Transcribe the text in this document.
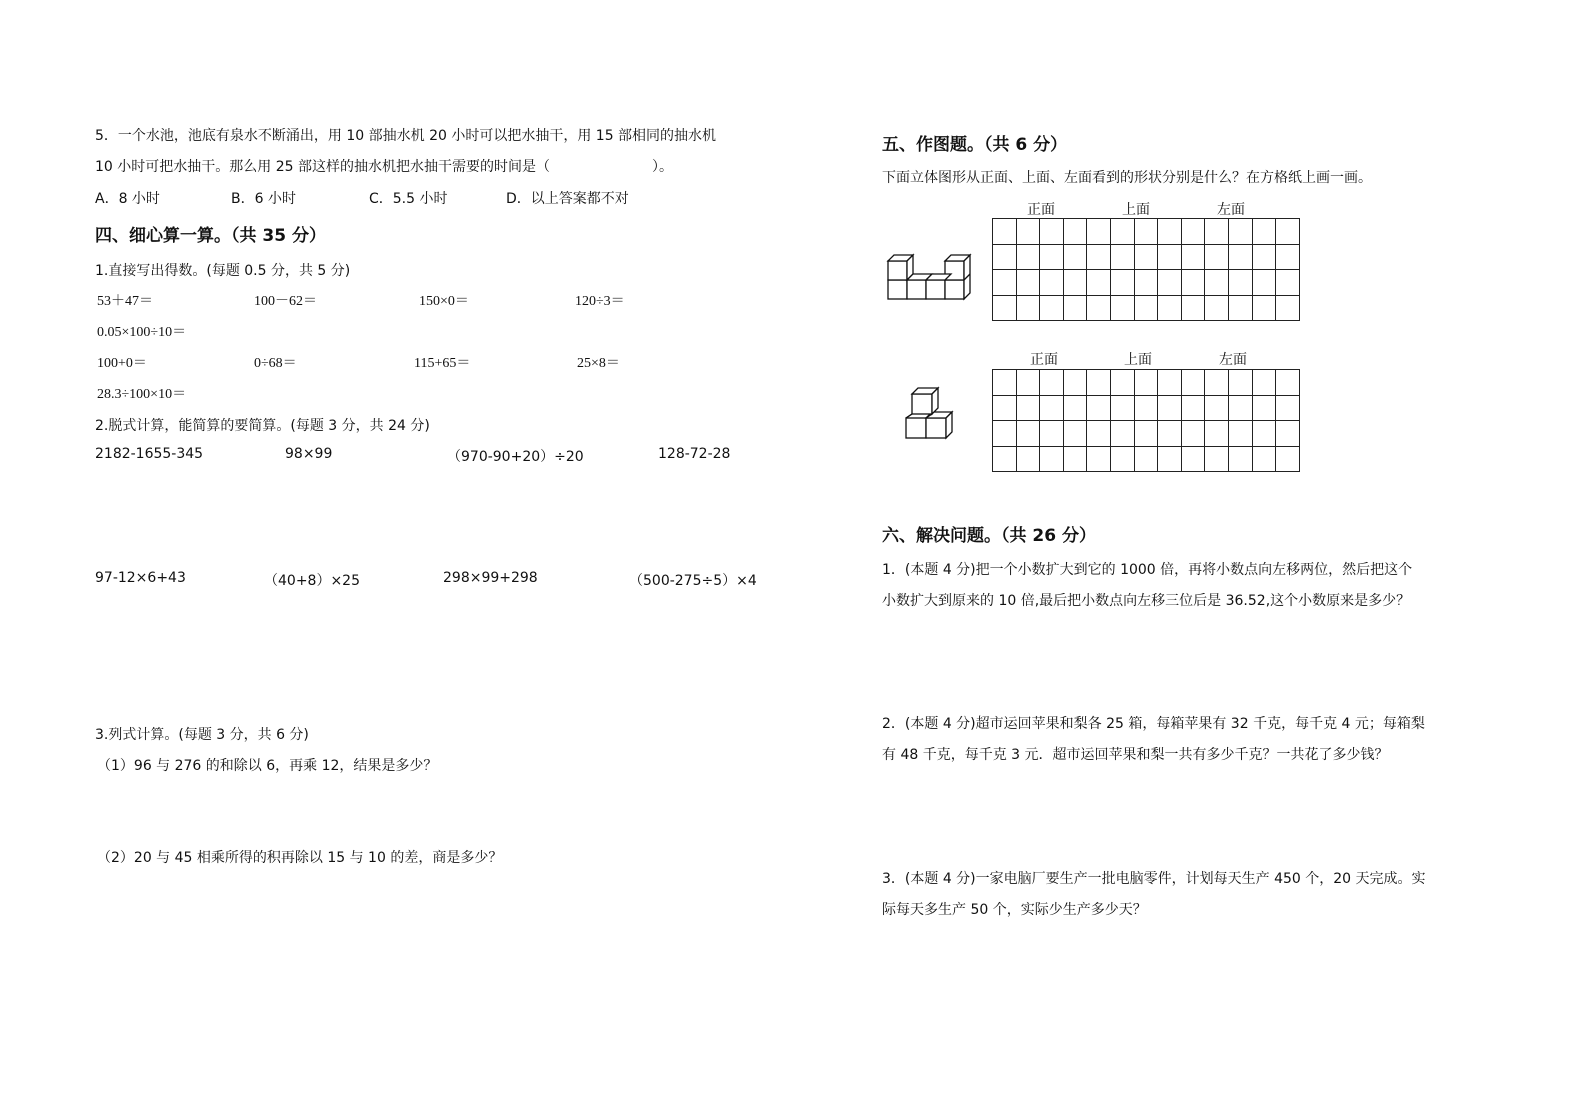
5．一个水池，池底有泉水不断涌出，用 10 部抽水机 20 小时可以把水抽干，用 15 部相同的抽水机
10 小时可把水抽干。那么用 25 部这样的抽水机把水抽干需要的时间是（	）。
A．8 小时	B．6 小时	C．5.5 小时	D．以上答案都不对
四、细心算一算。（共 35 分）
1.直接写出得数。(每题 0.5 分，共 5 分)
53＋47＝	100－62＝	150×0＝	120÷3＝
0.05×100÷10＝
100+0＝	0÷68＝	115+65＝	25×8＝
28.3÷100×10＝
2.脱式计算，能简算的要简算。(每题 3 分，共 24 分)
2182-1655-345	98×99	（970-90+20）÷20	128-72-28
97-12×6+43	（40+8）×25	298×99+298	（500-275÷5）×4
3.列式计算。(每题 3 分，共 6 分)
（1）96 与 276 的和除以 6，再乘 12，结果是多少？
（2）20 与 45 相乘所得的积再除以 15 与 10 的差，商是多少？
五、作图题。（共 6 分）
下面立体图形从正面、上面、左面看到的形状分别是什么？在方格纸上画一画。
正面	上面	左面

正面	上面	左面

六、解决问题。（共 26 分）
1．(本题 4 分)把一个小数扩大到它的 1000 倍，再将小数点向左移两位，然后把这个
小数扩大到原来的 10 倍,最后把小数点向左移三位后是 36.52,这个小数原来是多少？
2．(本题 4 分)超市运回苹果和梨各 25 箱，每箱苹果有 32 千克，每千克 4 元；每箱梨
有 48 千克，每千克 3 元．超市运回苹果和梨一共有多少千克？一共花了多少钱？
3．(本题 4 分)一家电脑厂要生产一批电脑零件，计划每天生产 450 个，20 天完成。实
际每天多生产 50 个，实际少生产多少天？
